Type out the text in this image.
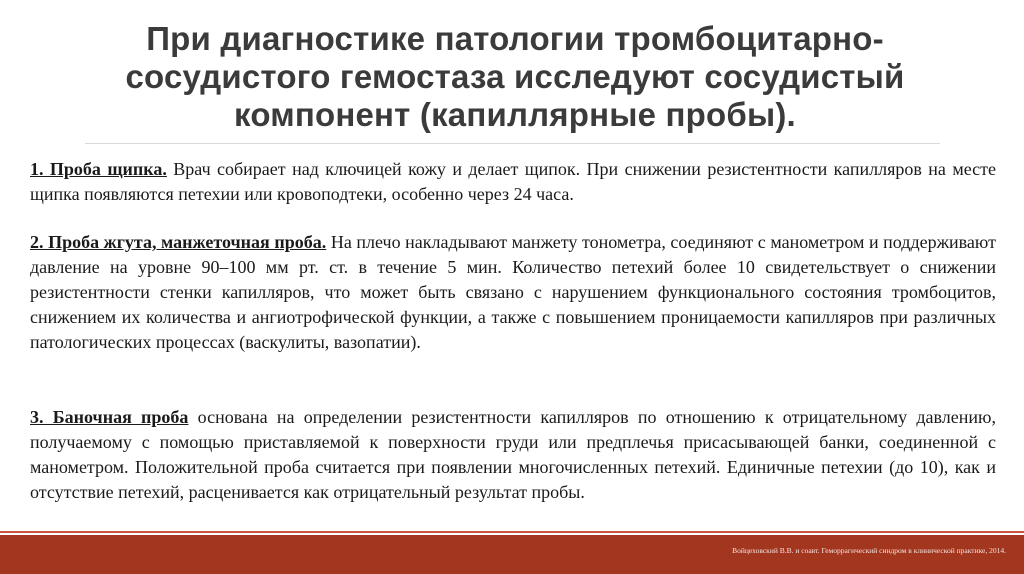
При диагностике патологии тромбоцитарно-сосудистого гемостаза исследуют сосудистый компонент (капиллярные пробы).
1. Проба щипка. Врач собирает над ключицей кожу и делает щипок. При снижении резистентности капилляров на месте щипка появляются петехии или кровоподтеки, особенно через 24 часа.
2. Проба жгута, манжеточная проба. На плечо накладывают манжету тонометра, соединяют с манометром и поддерживают давление на уровне 90–100 мм рт. ст. в течение 5 мин. Количество петехий более 10 свидетельствует о снижении резистентности стенки капилляров, что может быть связано с нарушением функционального состояния тромбоцитов, снижением их количества и ангиотрофической функции, а также с повышением проницаемости капилляров при различных патологических процессах (васкулиты, вазопатии).
3. Баночная проба основана на определении резистентности капилляров по отношению к отрицательному давлению, получаемому с помощью приставляемой к поверхности груди или предплечья присасывающей банки, соединенной с манометром. Положительной проба считается при появлении многочисленных петехий. Единичные петехии (до 10), как и отсутствие петехий, расценивается как отрицательный результат пробы.
Войцеховский В.В. и соавт. Геморрагический синдром в клинической практике, 2014.
